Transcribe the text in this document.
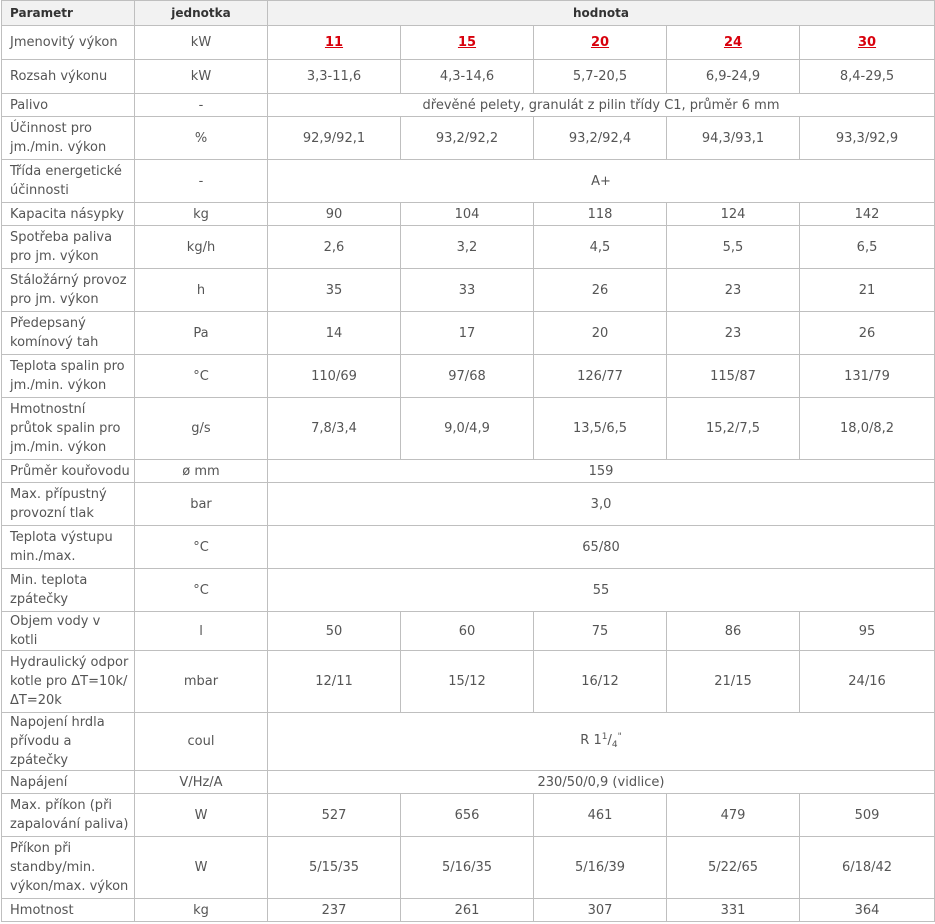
Parametr	jednotka	hodnota				
Jmenovitý výkon	kW	11	15	20	24	30
Rozsah výkonu	kW	3,3-11,6	4,3-14,6	5,7-20,5	6,9-24,9	8,4-29,5
Palivo	-	dřevěné pelety, granulát z pilin třídy C1, průměr 6 mm				
Účinnost pro jm./min. výkon	%	92,9/92,1	93,2/92,2	93,2/92,4	94,3/93,1	93,3/92,9
Třída energetické účinnosti	-	A+				
Kapacita násypky	kg	90	104	118	124	142
Spotřeba paliva pro jm. výkon	kg/h	2,6	3,2	4,5	5,5	6,5
Stáložárný provoz pro jm. výkon	h	35	33	26	23	21
Předepsaný komínový tah	Pa	14	17	20	23	26
Teplota spalin pro jm./min. výkon	°C	110/69	97/68	126/77	115/87	131/79
Hmotnostní průtok spalin pro jm./min. výkon	g/s	7,8/3,4	9,0/4,9	13,5/6,5	15,2/7,5	18,0/8,2
Průměr kouřovodu	ø mm	159				
Max. přípustný provozní tlak	bar	3,0				
Teplota výstupu min./max.	°C	65/80				
Min. teplota zpátečky	°C	55				
Objem vody v kotli	l	50	60	75	86	95
Hydraulický odpor kotle pro ΔT=10k/ ΔT=20k	mbar	12/11	15/12	16/12	21/15	24/16
Napojení hrdla přívodu a zpátečky	coul	R $1^1/_4^"$
Napájení	V/Hz/A	230/50/0,9 (vidlice)				
Max. příkon (při zapalování paliva)	W	527	656	461	479	509
Příkon při standby/min. výkon/max. výkon	W	5/15/35	5/16/35	5/16/39	5/22/65	6/18/42
Hmotnost	kg	237	261	307	331	364
